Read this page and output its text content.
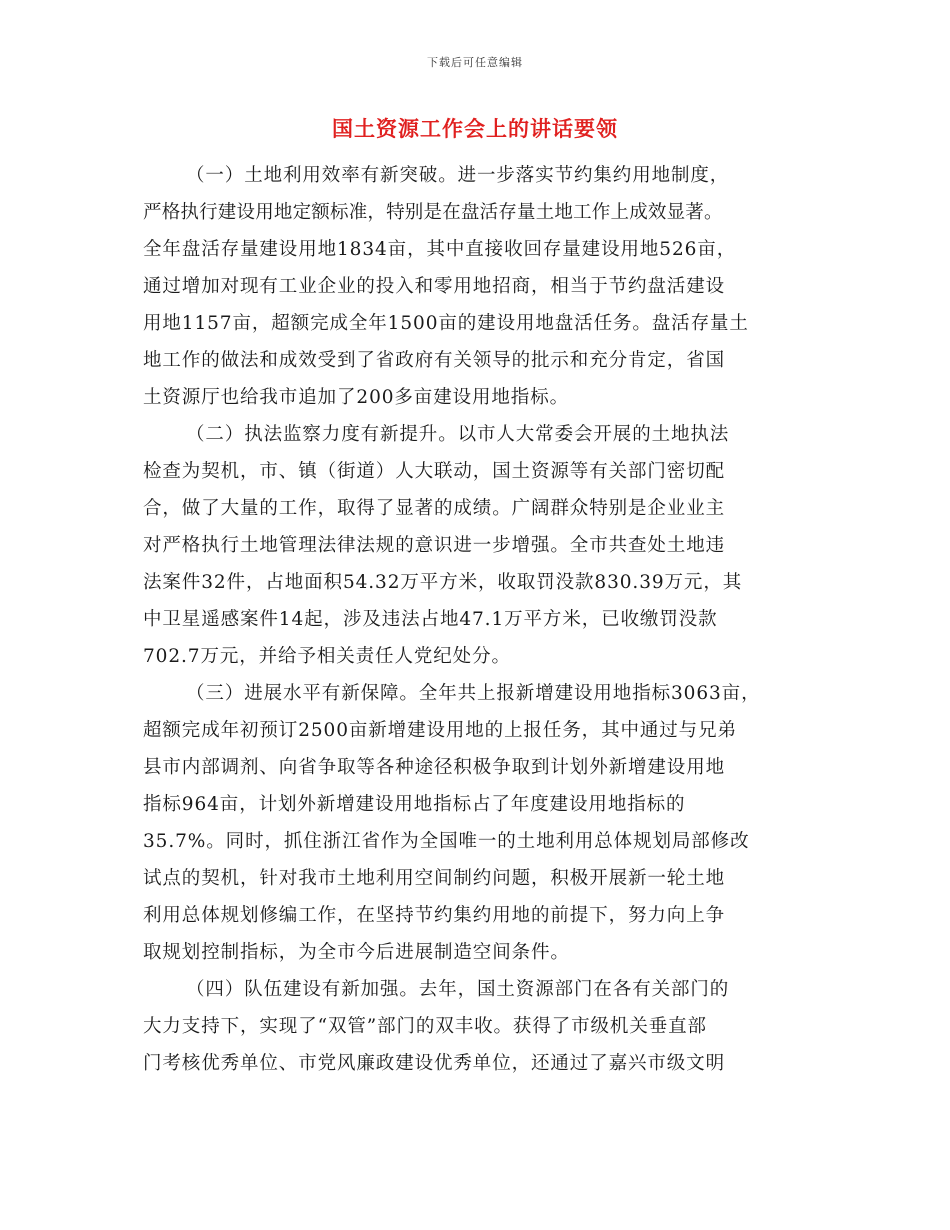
下载后可任意编辑
国土资源工作会上的讲话要领
（一）土地利用效率有新突破。进一步落实节约集约用地制度，
严格执行建设用地定额标准，特别是在盘活存量土地工作上成效显著。
全年盘活存量建设用地1834亩，其中直接收回存量建设用地526亩，
通过增加对现有工业企业的投入和零用地招商，相当于节约盘活建设
用地1157亩，超额完成全年1500亩的建设用地盘活任务。盘活存量土
地工作的做法和成效受到了省政府有关领导的批示和充分肯定，省国
土资源厅也给我市追加了200多亩建设用地指标。
（二）执法监察力度有新提升。以市人大常委会开展的土地执法
检查为契机，市、镇（街道）人大联动，国土资源等有关部门密切配
合，做了大量的工作，取得了显著的成绩。广阔群众特别是企业业主
对严格执行土地管理法律法规的意识进一步增强。全市共查处土地违
法案件32件，占地面积54.32万平方米，收取罚没款830.39万元，其
中卫星遥感案件14起，涉及违法占地47.1万平方米，已收缴罚没款
702.7万元，并给予相关责任人党纪处分。
（三）进展水平有新保障。全年共上报新增建设用地指标3063亩，
超额完成年初预订2500亩新增建设用地的上报任务，其中通过与兄弟
县市内部调剂、向省争取等各种途径积极争取到计划外新增建设用地
指标964亩，计划外新增建设用地指标占了年度建设用地指标的
35.7%。同时，抓住浙江省作为全国唯一的土地利用总体规划局部修改
试点的契机，针对我市土地利用空间制约问题，积极开展新一轮土地
利用总体规划修编工作，在坚持节约集约用地的前提下，努力向上争
取规划控制指标，为全市今后进展制造空间条件。
（四）队伍建设有新加强。去年，国土资源部门在各有关部门的
大力支持下，实现了“双管”部门的双丰收。获得了市级机关垂直部
门考核优秀单位、市党风廉政建设优秀单位，还通过了嘉兴市级文明
